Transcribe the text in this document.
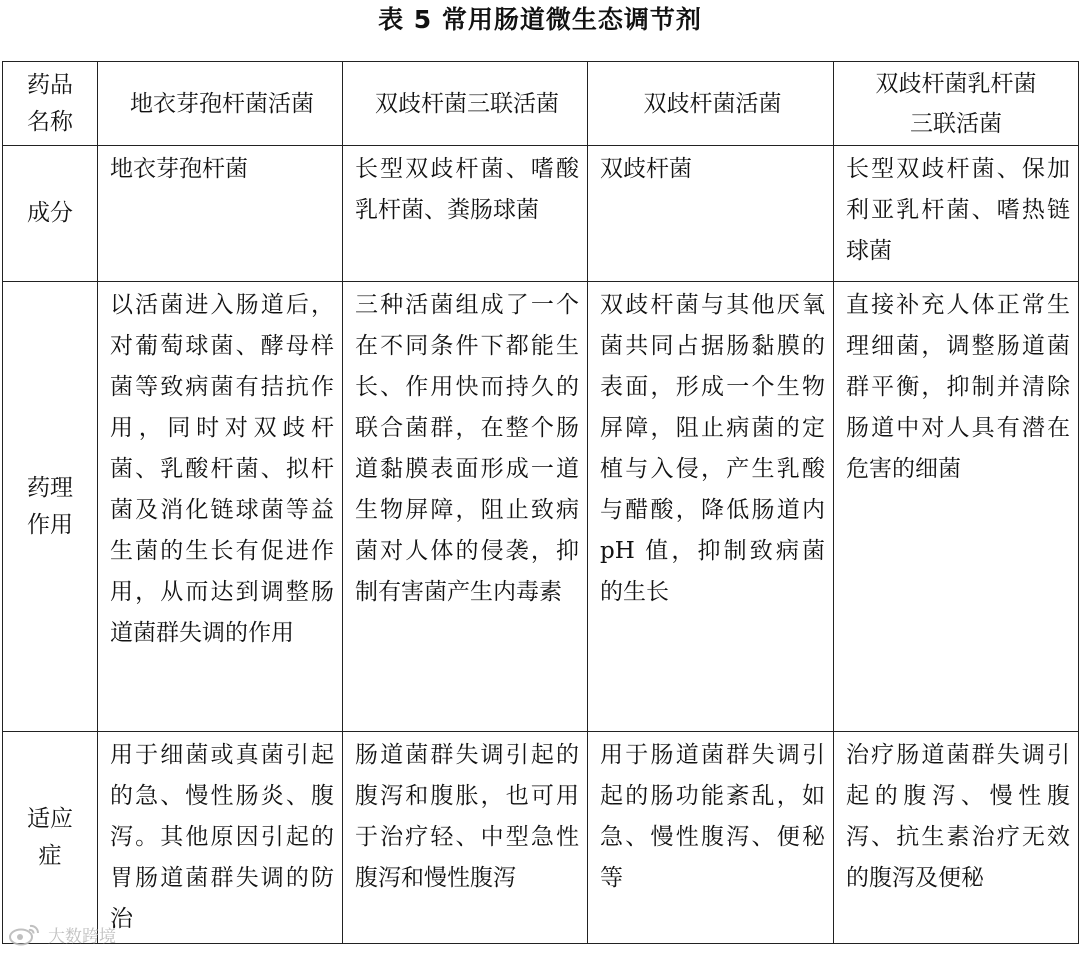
表 5 常用肠道微生态调节剂
药品
名称	地衣芽孢杆菌活菌	双歧杆菌三联活菌	双歧杆菌活菌	双歧杆菌乳杆菌三联活菌

成分	地衣芽孢杆菌	长型双歧杆菌、嗜酸乳杆菌、粪肠球菌	双歧杆菌	长型双歧杆菌、保加利亚乳杆菌、嗜热链球菌

药理
作用	以活菌进入肠道后，对葡萄球菌、酵母样菌等致病菌有拮抗作用，同时对双歧杆菌、乳酸杆菌、拟杆菌及消化链球菌等益生菌的生长有促进作用，从而达到调整肠道菌群失调的作用	三种活菌组成了一个在不同条件下都能生长、作用快而持久的联合菌群，在整个肠道黏膜表面形成一道生物屏障，阻止致病菌对人体的侵袭，抑制有害菌产生内毒素	双歧杆菌与其他厌氧菌共同占据肠黏膜的表面，形成一个生物屏障，阻止病菌的定植与入侵，产生乳酸与醋酸，降低肠道内 pH 值，抑制致病菌的生长	直接补充人体正常生理细菌，调整肠道菌群平衡，抑制并清除肠道中对人具有潜在危害的细菌

适应
症	用于细菌或真菌引起的急、慢性肠炎、腹泻。其他原因引起的胃肠道菌群失调的防治	肠道菌群失调引起的腹泻和腹胀，也可用于治疗轻、中型急性腹泻和慢性腹泻	用于肠道菌群失调引起的肠功能紊乱，如急、慢性腹泻、便秘等	治疗肠道菌群失调引起的腹泻、慢性腹泻、抗生素治疗无效的腹泻及便秘
大数跨境
